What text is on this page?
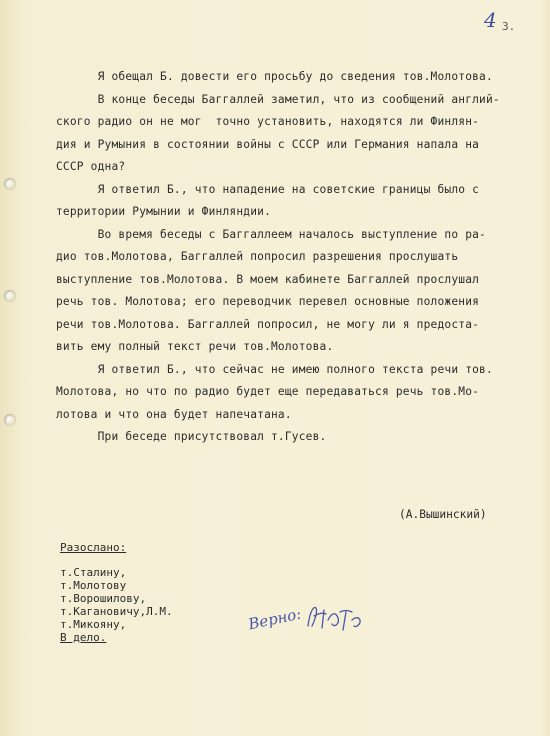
4 3.
Я обещал Б. довести его просьбу до сведения тов.Молотова.
В конце беседы Баггаллей заметил, что из сообщений англий-
ского радио он не мог  точно установить, находятся ли Финлян-
дия и Румыния в состоянии войны с СССР или Германия напала на
СССР одна?
Я ответил Б., что нападение на советские границы было с
территории Румынии и Финляндии.
Во время беседы с Баггаллеем началось выступление по ра-
дио тов.Молотова, Баггаллей попросил разрешения прослушать
выступление тов.Молотова. В моем кабинете Баггаллей прослушал
речь тов. Молотова; его переводчик перевел основные положения
речи тов.Молотова. Баггаллей попросил, не могу ли я предоста-
вить ему полный текст речи тов.Молотова.
Я ответил Б., что сейчас не имею полного текста речи тов.
Молотова, но что по радио будет еще передаваться речь тов.Мо-
лотова и что она будет напечатана.
При беседе присутствовал т.Гусев.
(А.Вышинский)
Разослано:
т.Сталину,
т.Молотову
т.Ворошилову,
т.Кагановичу,Л.М.
т.Микояну,
В дело.
Верно:
